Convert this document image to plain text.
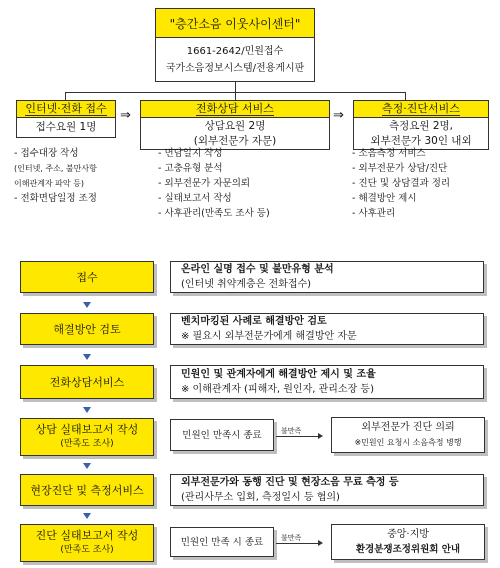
"층간소음 이웃사이센터"
1661-2642/민원접수
국가소음정보시스템/전용게시판
인터넷·전화 접수
접수요원 1명
⇒	전화상담 서비스
상담요원 2명
(외부전문가 자문)
⇒	측정·진단서비스
측정요원 2명,
외부전문가 30인 내외
- 접수대장 작성
(인터넷, 주소, 불만사항
이해관계자 파악 등)
- 전화면담일정 조정
- 면담일지 작성
- 고충유형 분석
- 외부전문가 자문의뢰
- 실태보고서 작성
- 사후관리(만족도 조사 등)
- 소음측정 서비스
- 외부전문가 상담/진단
- 진단 및 상담결과 정리
- 해결방안 제시
- 사후관리
접수
온라인 실명 접수 및 불만유형 분석
(인터넷 취약계층은 전화접수)
해결방안 검토
벤치마킹된 사례로 해결방안 검토
※ 필요시 외부전문가에게 해결방안 자문
전화상담서비스
민원인 및 관계자에게 해결방안 제시 및 조율
※ 이해관계자 (피해자, 원인자, 관리소장 등)
상담 실태보고서 작성
(만족도 조사)
민원인 만족시 종료	불만족	외부전문가 진단 의뢰
※민원인 요청시 소음측정 병행
현장진단 및 측정서비스
외부전문가와 동행 진단 및 현장소음 무료 측정 등
(관리사무소 입회, 측정일시 등 협의)
진단 실태보고서 작성
(만족도 조사)
민원인 만족 시 종료	불만족	중앙·지방
환경분쟁조정위원회 안내
